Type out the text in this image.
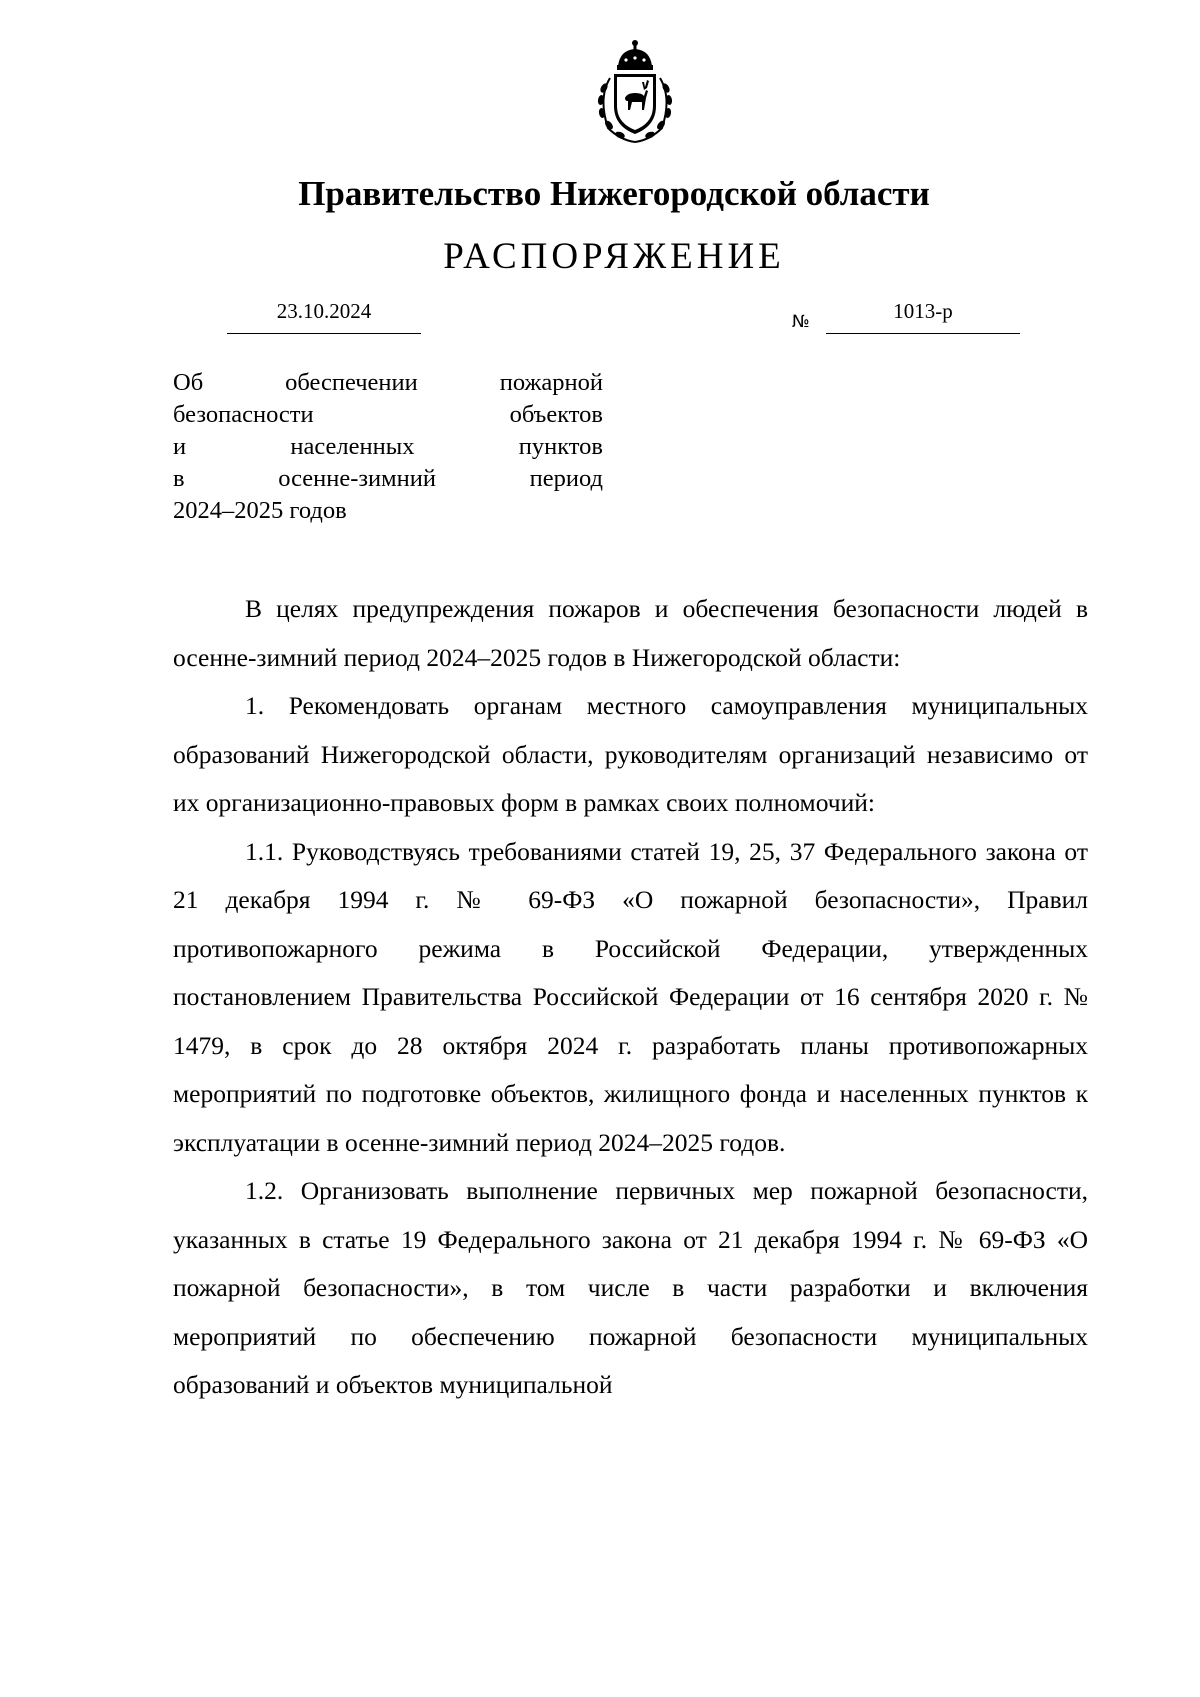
Правительство Нижегородской области
РАСПОРЯЖЕНИЕ
23.10.2024	№	1013-р
Об	обеспечении	пожарной
безопасности	объектов
и	населенных	пунктов
в	осенне-зимний	период
2024–2025 годов

В целях предупреждения пожаров и обеспечения безопасности людей в осенне-зимний период 2024–2025 годов в Нижегородской области:

1. Рекомендовать органам местного самоуправления муниципальных образований Нижегородской области, руководителям организаций независимо от их организационно-правовых форм в рамках своих полномочий:

1.1. Руководствуясь требованиями статей 19, 25, 37 Федерального закона от 21 декабря 1994 г. № 69-ФЗ «О пожарной безопасности», Правил противопожарного режима в Российской Федерации, утвержденных постановлением Правительства Российской Федерации от 16 сентября 2020 г. № 1479, в срок до 28 октября 2024 г. разработать планы противопожарных мероприятий по подготовке объектов, жилищного фонда и населенных пунктов к эксплуатации в осенне-зимний период 2024–2025 годов.

1.2. Организовать выполнение первичных мер пожарной безопасности, указанных в статье 19 Федерального закона от 21 декабря 1994 г. № 69-ФЗ «О пожарной безопасности», в том числе в части разработки и включения мероприятий по обеспечению пожарной безопасности муниципальных образований и объектов муниципальной
